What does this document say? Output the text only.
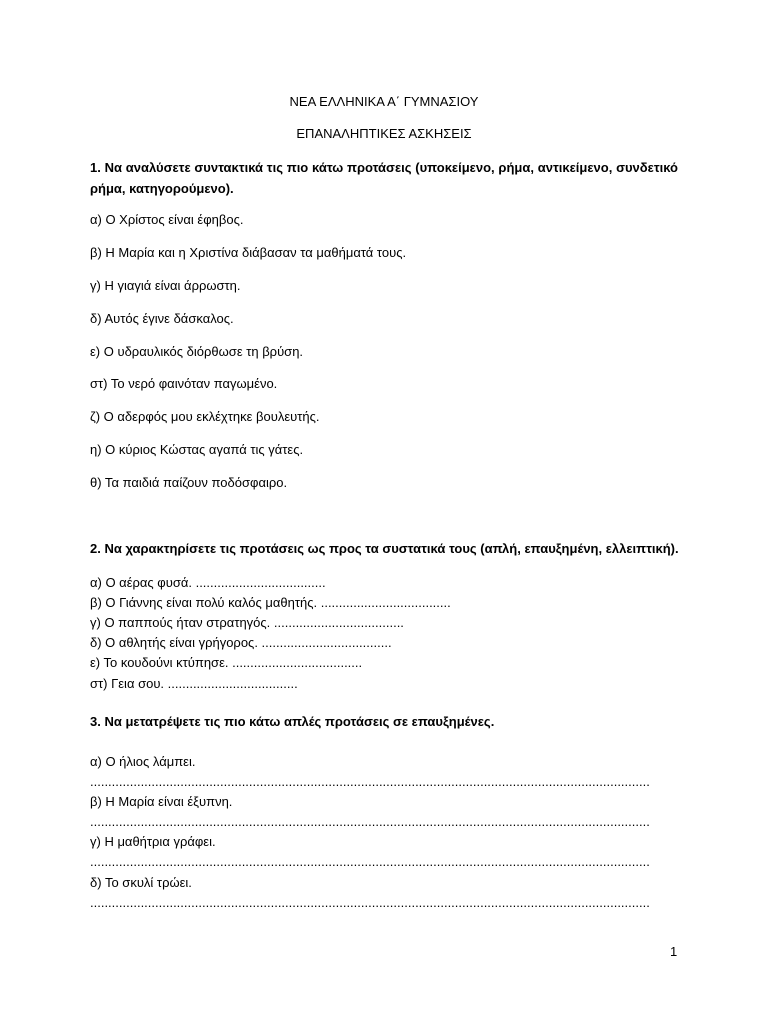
ΝΕΑ ΕΛΛΗΝΙΚΑ Α΄ ΓΥΜΝΑΣΙΟΥ
ΕΠΑΝΑΛΗΠΤΙΚΕΣ ΑΣΚΗΣΕΙΣ
1. Να αναλύσετε συντακτικά τις πιο κάτω προτάσεις (υποκείμενο, ρήμα, αντικείμενο, συνδετικό ρήμα, κατηγορούμενο).
α) Ο Χρίστος είναι έφηβος.
β) Η Μαρία και η Χριστίνα διάβασαν τα μαθήματά τους.
γ) Η γιαγιά είναι άρρωστη.
δ) Αυτός έγινε δάσκαλος.
ε) Ο υδραυλικός διόρθωσε τη βρύση.
στ) Το νερό φαινόταν παγωμένο.
ζ) Ο αδερφός μου εκλέχτηκε βουλευτής.
η) Ο κύριος Κώστας αγαπά τις γάτες.
θ) Τα παιδιά παίζουν ποδόσφαιρο.
2. Να χαρακτηρίσετε τις προτάσεις ως προς τα συστατικά τους (απλή, επαυξημένη, ελλειπτική).
α) Ο αέρας φυσά. ....................................
β) Ο Γιάννης είναι πολύ καλός μαθητής. ....................................
γ) Ο παππούς ήταν στρατηγός. ....................................
δ) Ο αθλητής είναι γρήγορος. ....................................
ε) Το κουδούνι κτύπησε. ....................................
στ) Γεια σου. ....................................
3. Να μετατρέψετε τις πιο κάτω απλές προτάσεις σε επαυξημένες.
α) Ο ήλιος λάμπει.
...........................................................................................................................................................
β) Η Μαρία είναι έξυπνη.
...........................................................................................................................................................
γ) Η μαθήτρια γράφει.
...........................................................................................................................................................
δ) Το σκυλί τρώει.
...........................................................................................................................................................
1
